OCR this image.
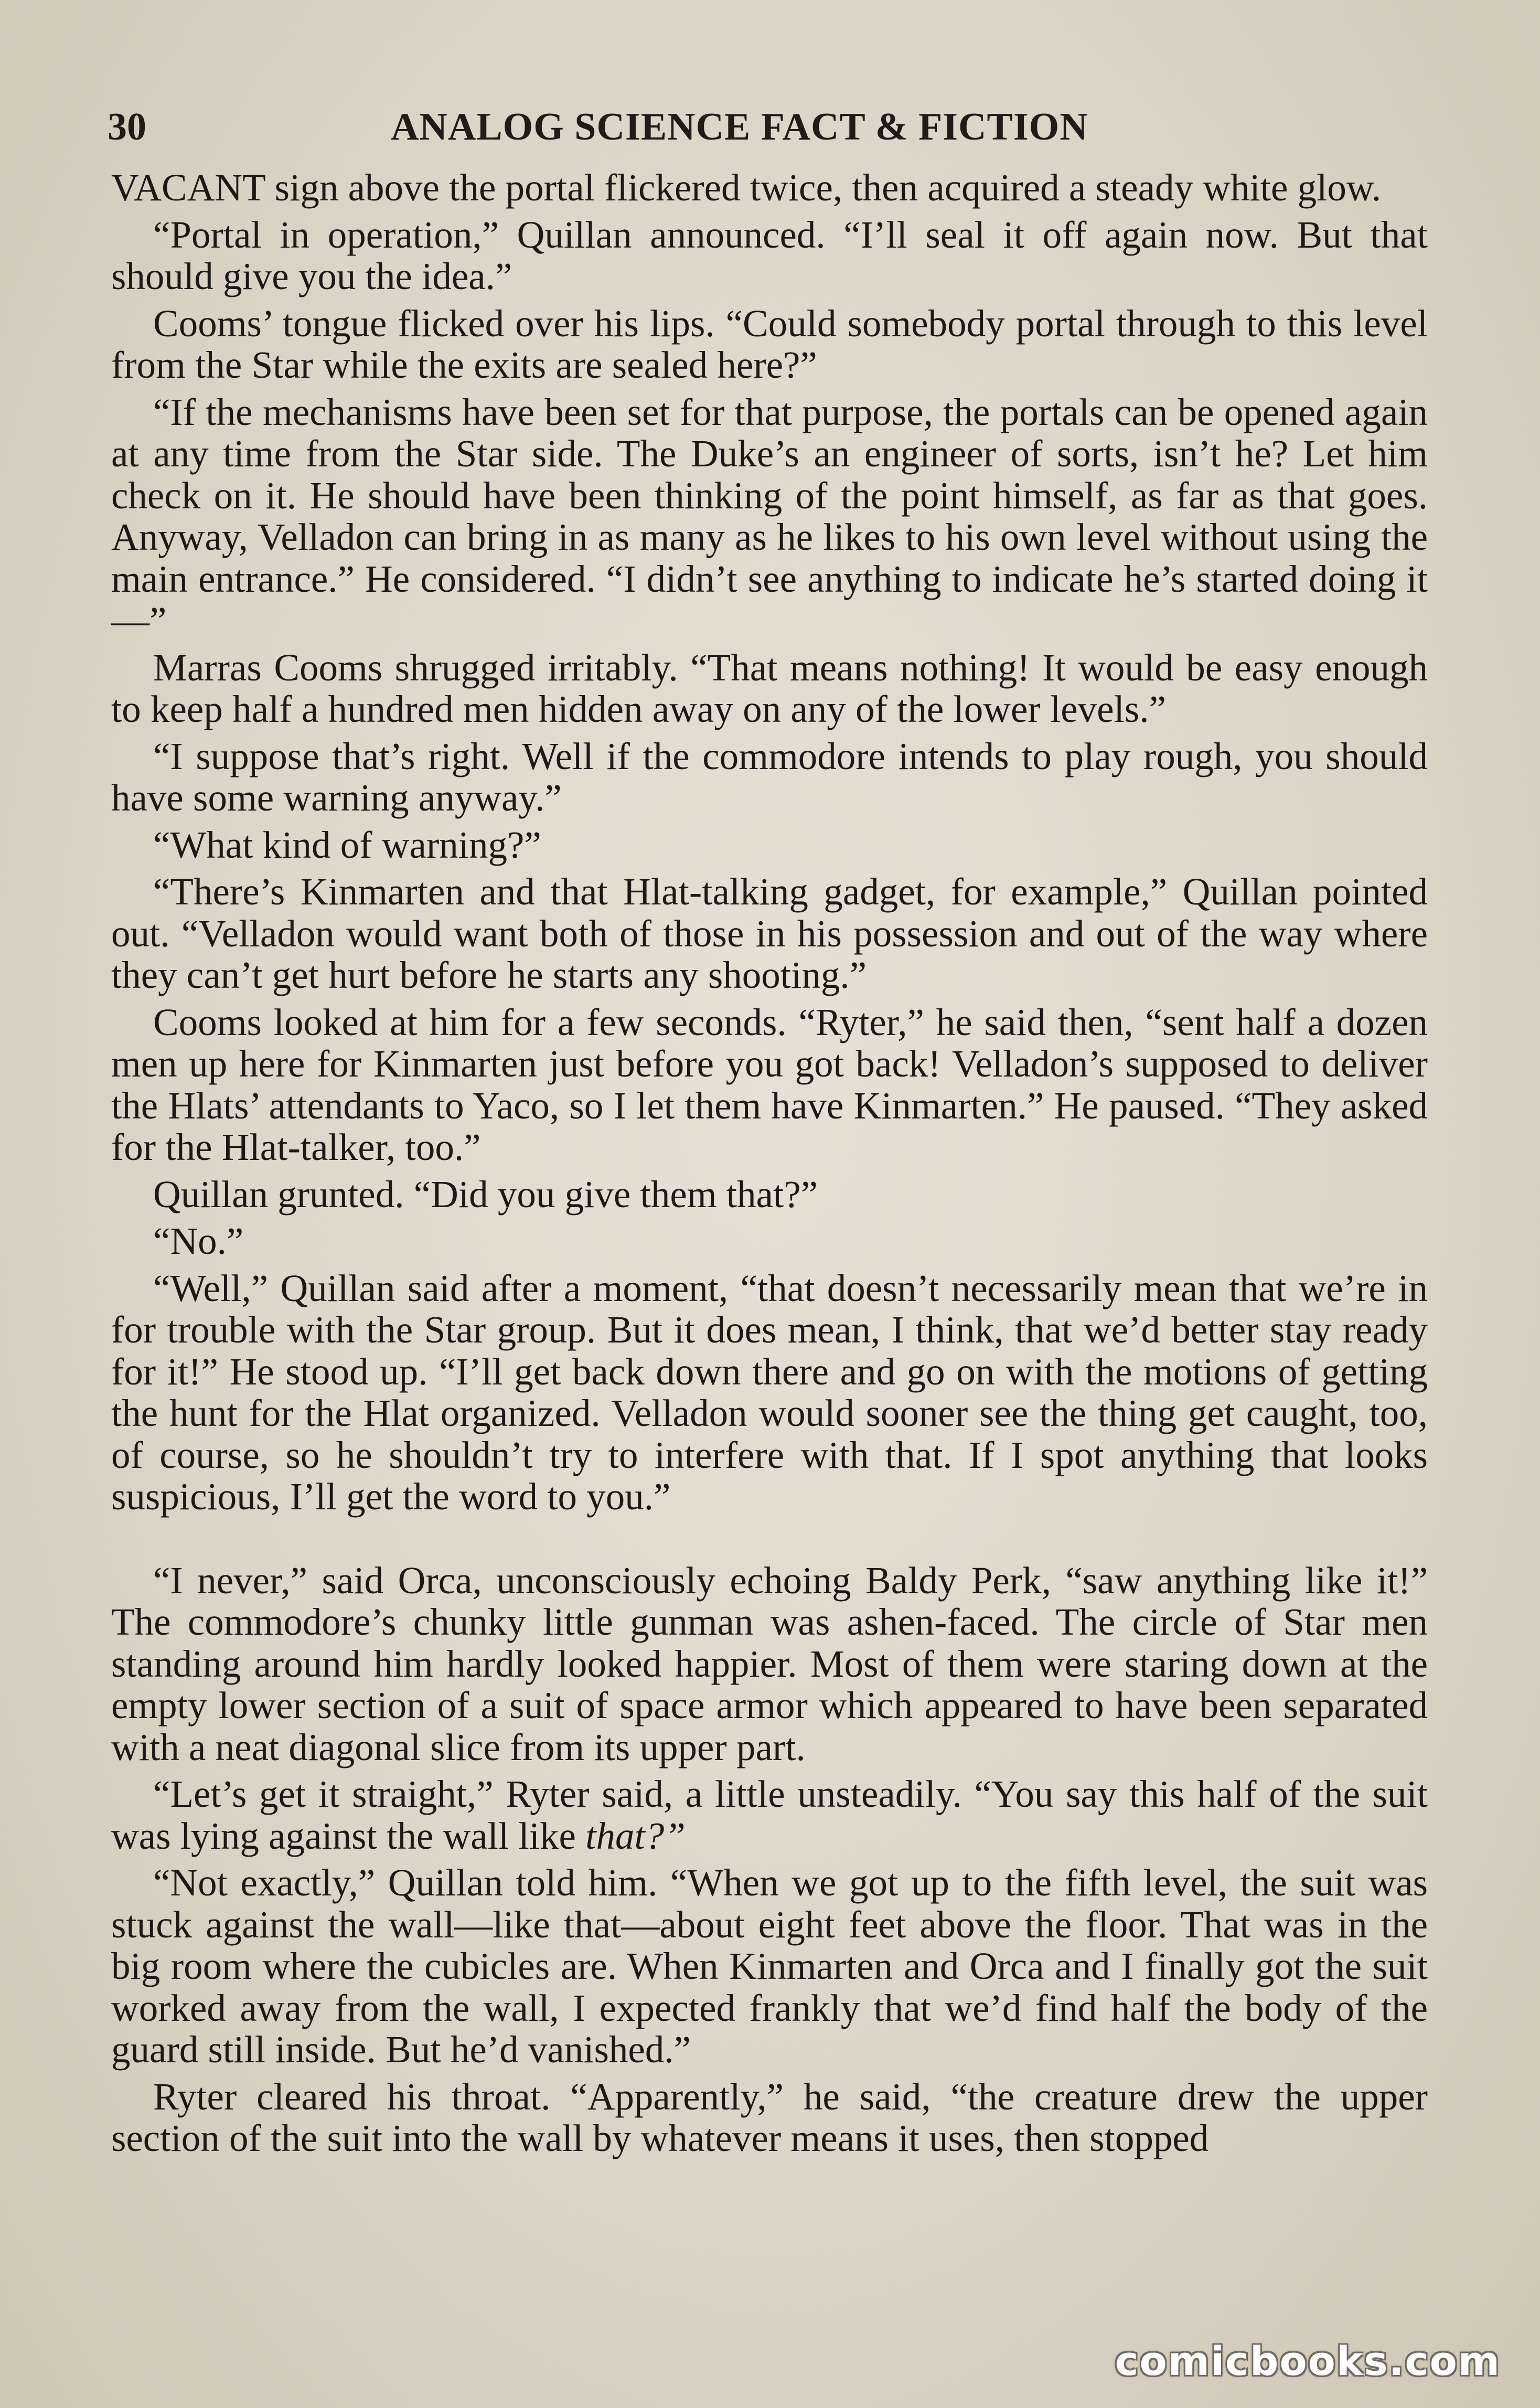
30	ANALOG SCIENCE FACT & FICTION

VACANT sign above the portal flickered twice, then acquired a steady white glow.

“Portal in operation,” Quillan announced. “I’ll seal it off again now. But that should give you the idea.”

Cooms’ tongue flicked over his lips. “Could somebody portal through to this level from the Star while the exits are sealed here?”

“If the mechanisms have been set for that purpose, the portals can be opened again at any time from the Star side. The Duke’s an engineer of sorts, isn’t he? Let him check on it. He should have been thinking of the point himself, as far as that goes. Anyway, Velladon can bring in as many as he likes to his own level without using the main entrance.” He considered. “I didn’t see anything to indicate he’s started doing it—”

Marras Cooms shrugged irritably. “That means nothing! It would be easy enough to keep half a hundred men hidden away on any of the lower levels.”

“I suppose that’s right. Well if the commodore intends to play rough, you should have some warning anyway.”

“What kind of warning?”

“There’s Kinmarten and that Hlat-talking gadget, for example,” Quillan pointed out. “Velladon would want both of those in his possession and out of the way where they can’t get hurt before he starts any shooting.”

Cooms looked at him for a few seconds. “Ryter,” he said then, “sent half a dozen men up here for Kinmarten just before you got back! Velladon’s supposed to deliver the Hlats’ attendants to Yaco, so I let them have Kinmarten.” He paused. “They asked for the Hlat-talker, too.”

Quillan grunted. “Did you give them that?”

“No.”

“Well,” Quillan said after a moment, “that doesn’t necessarily mean that we’re in for trouble with the Star group. But it does mean, I think, that we’d better stay ready for it!” He stood up. “I’ll get back down there and go on with the motions of getting the hunt for the Hlat organized. Velladon would sooner see the thing get caught, too, of course, so he shouldn’t try to interfere with that. If I spot anything that looks suspicious, I’ll get the word to you.”

“I never,” said Orca, unconsciously echoing Baldy Perk, “saw anything like it!” The commodore’s chunky little gunman was ashen-faced. The circle of Star men standing around him hardly looked happier. Most of them were staring down at the empty lower section of a suit of space armor which appeared to have been separated with a neat diagonal slice from its upper part.

“Let’s get it straight,” Ryter said, a little unsteadily. “You say this half of the suit was lying against the wall like that?”

“Not exactly,” Quillan told him. “When we got up to the fifth level, the suit was stuck against the wall—like that—about eight feet above the floor. That was in the big room where the cubicles are. When Kinmarten and Orca and I finally got the suit worked away from the wall, I expected frankly that we’d find half the body of the guard still inside. But he’d vanished.”

Ryter cleared his throat. “Apparently,” he said, “the creature drew the upper section of the suit into the wall by whatever means it uses, then stopped

comicbooks.com
